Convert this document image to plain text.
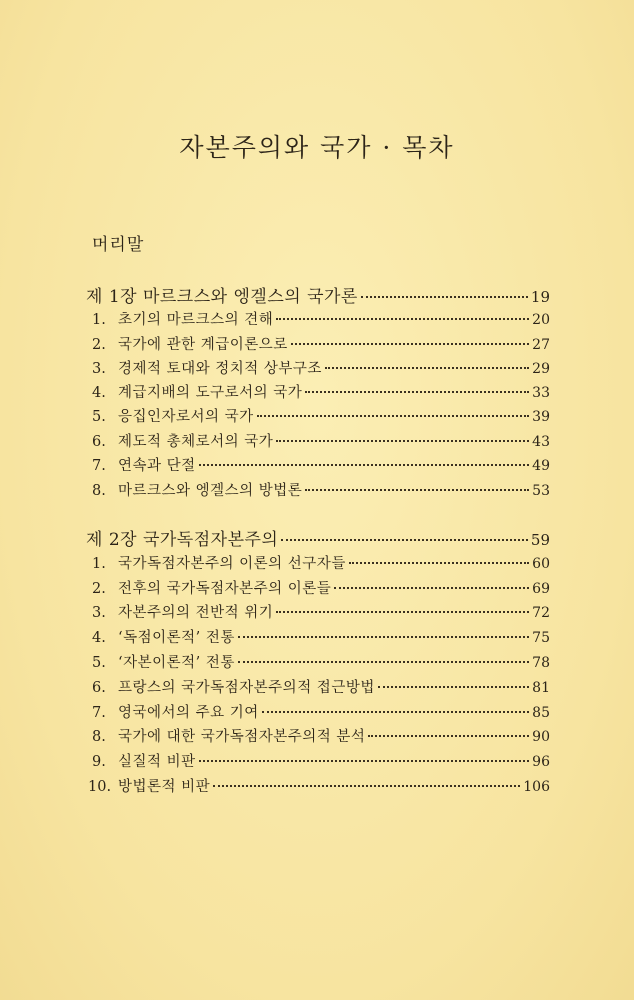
자본주의와 국가 · 목차
머리말
제 1장 마르크스와 엥겔스의 국가론	19
1. 초기의 마르크스의 견해	20
2. 국가에 관한 계급이론으로	27
3. 경제적 토대와 정치적 상부구조	29
4. 계급지배의 도구로서의 국가	33
5. 응집인자로서의 국가	39
6. 제도적 총체로서의 국가	43
7. 연속과 단절	49
8. 마르크스와 엥겔스의 방법론	53
제 2장 국가독점자본주의	59
1. 국가독점자본주의 이론의 선구자들	60
2. 전후의 국가독점자본주의 이론들	69
3. 자본주의의 전반적 위기	72
4. ‘독점이론적’ 전통	75
5. ‘자본이론적’ 전통	78
6. 프랑스의 국가독점자본주의적 접근방법	81
7. 영국에서의 주요 기여	85
8. 국가에 대한 국가독점자본주의적 분석	90
9. 실질적 비판	96
10. 방법론적 비판	106
